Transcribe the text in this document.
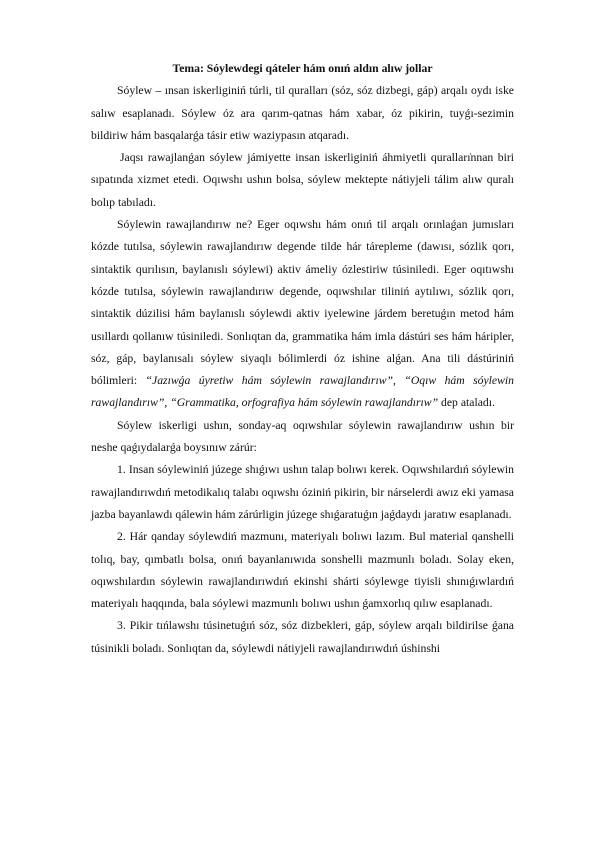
Tema: Sóylewdegi qáteler hám onıń aldın alıw jollar

Sóylew – ınsan iskerliginiń túrli, til quralları (sóz, sóz dizbegi, gáp) arqalı oydı iske salıw esaplanadı. Sóylew óz ara qarım-qatnas hám xabar, óz pikirin, tuyǵı-sezimin bildiriw hám basqalarǵa tásir etiw waziypasın atqaradı.

Jaqsı rawajlanǵan sóylew jámiyette insan iskerliginiń áhmiyetli quralları̇nnan biri sıpatında xizmet etedi. Oqıwshı ushın bolsa, sóylew mektepte nátiyjeli tálim alıw quralı bolıp tabıladı.

Sóylewin rawajlandırıw ne? Eger oqıwshı hám onıń til arqalı orınlaǵan jumısları kózde tutılsa, sóylewin rawajlandırıw degende tilde hár tárepleme (dawısı, sózlik qorı, sintaktik qurılısın, baylanıslı sóylewi) aktiv ámeliy ózlestiriw túsiniledi. Eger oqıtıwshı kózde tutılsa, sóylewin rawajlandırıw degende, oqıwshılar tiliniń aytılıwı, sózlik qorı, sintaktik dúzilisi hám baylanıslı sóylewdi aktiv iyelewine járdem beretuǵın metod hám usıllardı qollanıw túsiniledi. Sonlıqtan da, grammatika hám imla dástúri ses hám háripler, sóz, gáp, baylanısalı sóylew siyaqlı bólimlerdi óz ishine alǵan. Ana tili dástúriniń bólimleri: “Jazıwǵa úyretiw hám sóylewin rawajlandırıw”, “Oqıw hám sóylewin rawajlandırıw”, “Grammatika, orfografiya hám sóylewin rawajlandırıw” dep ataladı.

Sóylew iskerligi ushın, sonday-aq oqıwshılar sóylewin rawajlandırıw ushın bir neshe qaǵıydalarǵa boysınıw zárúr:

1. Insan sóylewiniń júzege shıǵıwı ushın talap bolıwı kerek. Oqıwshılardıń sóylewin rawajlandırıwdıń metodikalıq talabı oqıwshı óziniń pikirin, bir nárselerdi awız eki yamasa jazba bayanlawdı qálewin hám zárúrligin júzege shıǵaratuǵın jaǵdaydı jaratıw esaplanadı.

2. Hár qanday sóylewdiń mazmunı, materiyalı bolıwı lazım. Bul material qanshelli tolıq, bay, qımbatlı bolsa, onıń bayanlanıwıda sonshelli mazmunlı boladı. Solay eken, oqıwshılardın sóylewin rawajlandırıwdıń ekinshi shárti sóylewge tiyisli shınıǵıwlardıń materiyalı haqqında, bala sóylewi mazmunlı bolıwı ushın ǵamxorlıq qılıw esaplanadı.

3. Pikir tıńlawshı túsinetuǵıń sóz, sóz dizbekleri, gáp, sóylew arqalı bildirilse ǵana túsinikli boladı. Sonlıqtan da, sóylewdi nátiyjeli rawajlandırıwdıń úshinshi
